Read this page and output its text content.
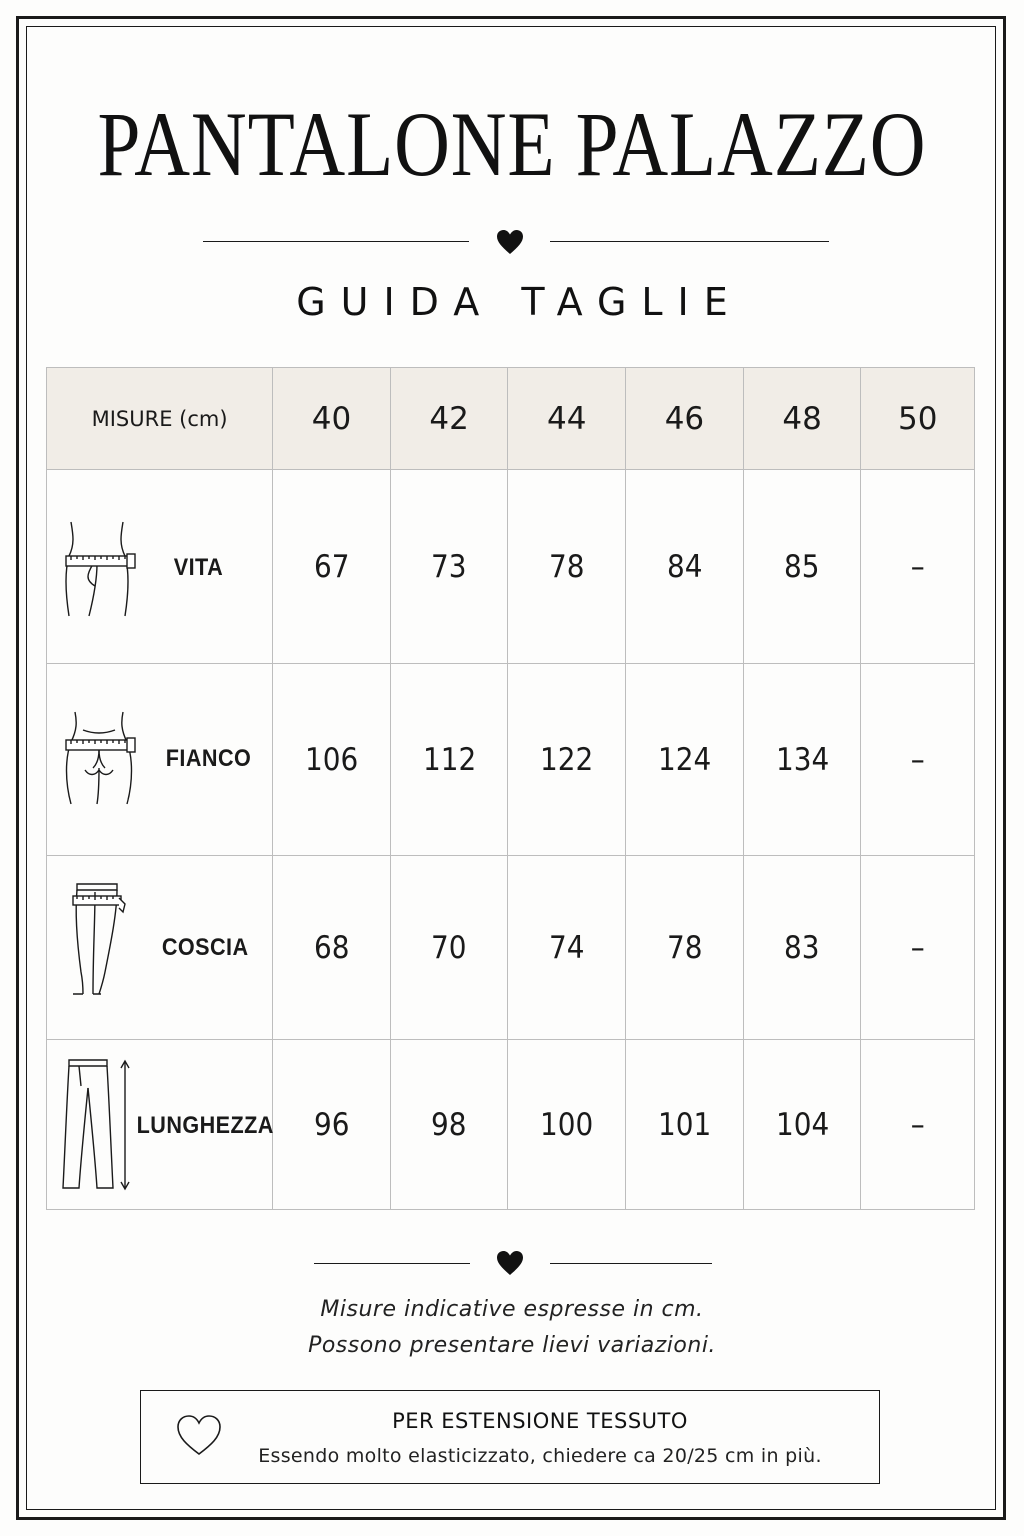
PANTALONE PALAZZO
GUIDA TAGLIE
MISURE (cm)	40	42	44	46	48	50

VITA	67	73	78	84	85	–

FIANCO	106	112	122	124	134	–

COSCIA	68	70	74	78	83	–

LUNGHEZZA	96	98	100	101	104	–
Misure indicative espresse in cm.
Possono presentare lievi variazioni.
PER ESTENSIONE TESSUTO
Essendo molto elasticizzato, chiedere ca 20/25 cm in più.
